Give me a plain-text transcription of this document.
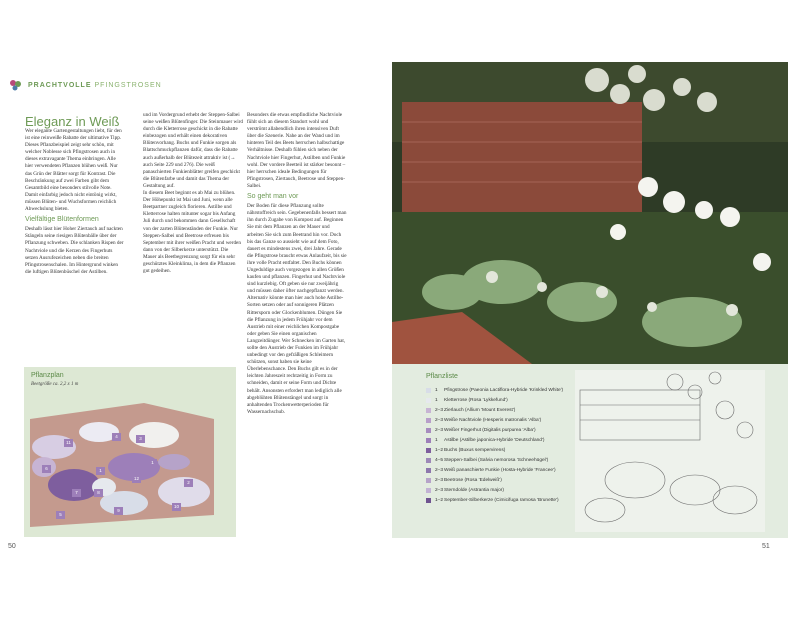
PRACHTVOLLE PFINGSTROSEN
Eleganz in Weiß

Wer elegante Gartengestaltungen liebt, für den ist eine reinweiße Rabatte der ultimative Tipp. Dieses Pflanzbeispiel zeigt sehr schön, mit welcher Noblesse sich Pfingstrosen auch in dieses extravagante Thema einbringen. Alle hier verwendeten Pflanzen blühen weiß. Nur das Grün der Blätter sorgt für Kontrast. Die Beschränkung auf zwei Farben gibt dem Gesamtbild eine besonders stilvolle Note. Damit einfarbig jedoch nicht eintönig wirkt, müssen Blüten- und Wuchsformen reichlich Abwechslung bieten.

Vielfältige Blütenformen

Deshalb lässt hier Hoher Ziertauch auf nackten Stängeln seine riesigen Blütenbälle über der Pflanzung schweben. Die schlanken Rispen der Nachtviole und die Kerzen des Fingerhuts setzen Ausrufezeichen neben die breiten Pfingstrosenschalen. Im Hintergrund winken die luftigen Blütenbüschel der Astilben.

und im Vordergrund erhebt der Steppen-Salbei seine weißen Blütenfinger. Die Steinmauer wird durch die Kletterrose geschickt in die Rabatte einbezogen und erhält einen dekorativen Blütenvorhang. Buchs und Funkie sorgen als Blattschmuckpflanzen dafür, dass die Rabatte auch außerhalb der Blütezeit attraktiv ist (→ auch Seite 229 und 276). Die weiß panaschierten Funkienblätter greifen geschickt die Blütenfarbe und damit das Thema der Gestaltung auf.

In diesem Beet beginnt es ab Mai zu blühen. Der Höhepunkt ist Mai und Juni, wenn alle Beetpartner zugleich florieren. Astilbe und Kletterrose halten mitunter sogar bis Anfang Juli durch und bekommen dann Gesellschaft von der zarten Blütenständen der Funkie. Nur Steppen-Salbei und Beetrose erfreuen bis September mit ihrer weißen Pracht und werden dann von der Silberkerze unterstützt. Die Mauer als Beetbegrenzung sorgt für ein sehr geschütztes Kleinklima, in dem die Pflanzen gut gedeihen.

Besonders die etwas empfindliche Nachtviole fühlt sich an diesem Standort wohl und verströmt allabendlich ihren intensiven Duft über die Szenerie. Nahe an der Wand und im hinteren Teil des Beets herrschen halbschattige Verhältnisse. Deshalb fühlen sich neben der Nachtviole hier Fingerhut, Astilben und Funkie wohl. Der vordere Beetteil ist stärker besonnt – hier herrschen ideale Bedingungen für Pfingstrosen, Ziertauch, Beetrose und Steppen-Salbei.

So geht man vor

Der Boden für diese Pflanzung sollte nährstoffreich sein. Gegebenenfalls bessert man ihn durch Zugabe von Kompost auf. Beginnen Sie mit dem Pflanzen an der Mauer und arbeiten Sie sich zum Beetrand hin vor. Doch bis das Ganze so aussieht wie auf dem Foto, dauert es mindestens zwei, drei Jahre. Gerade die Pfingstrose braucht etwas Anlaufzeit, bis sie ihre volle Pracht entfaltet. Den Buchs können Ungeduldige auch vorgezogen in allen Größen kaufen und pflanzen. Fingerhut und Nachtviole sind kurzlebig. Oft geben sie nur zweijährig und müssen daher öfter nachgepflanzt werden. Alternativ könnte man hier auch hohe Astilbe-Sorten setzen oder auf sonnigeren Plätzen Rittersporn oder Glockenblumen. Düngen Sie die Pflanzung in jedem Frühjahr vor dem Austrieb mit einer reichlichen Kompostgabe oder geben Sie einen organischen Langzeitdünger. Wer Schnecken im Garten hat, sollte den Austrieb der Funkien im Frühjahr unbedingt vor den gefräßigen Schleimern schützen, sonst haben sie keine Überlebenschance. Den Buchs gilt es in der leichten Jahreszeit rechtzeitig in Form zu schneiden, damit er seine Form und Dichte behält. Ansonsten erfordert man lediglich alle abgeblühten Blütenstängel und sorgt in anhaltenden Trockenwetterperioden für Wassernachschub.

Pflanzplan
Beetgröße ca. 2,2 x 1 m
11
4	3
6	1
1
12
8
7
9
10
2
5
50
Pflanzliste
1	Pfingstrose (Paeonia Lactiflora-Hybride 'Krinkled White')
1	Kletterrose (Rosa 'Lykkefund')
2–3 Zierlauch (Allium 'Mount Everest')
2–3 Weiße Nachtviole (Hesperis matronalis 'Alba')
2–3 Weißer Fingerhut (Digitalis purpurea 'Alba')
1	Astilbe (Astilbe japonica-Hybride 'Deutschland')
1–2 Buchs (Buxus sempervirens)
4–5 Steppen-Salbei (Salvia nemorosa 'Schneehügel')
2–3 Weiß panaschierte Funkie (Hosta-Hybride 'Francee')
2–3 Beetrose (Rosa 'Edelweiß')
2–3 Sterndolde (Astrantia major)
1–2 September-Silberkerze (Cimicifuga ramosa 'Brunette')
51
